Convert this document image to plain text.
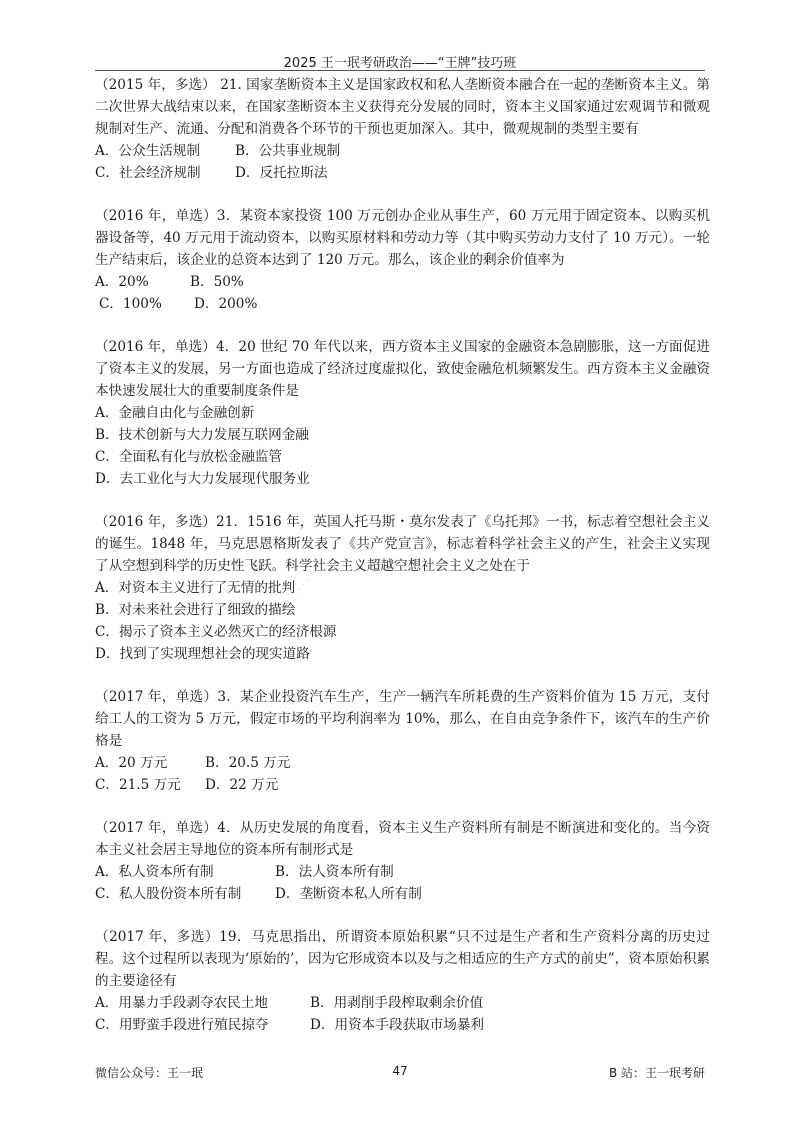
2025 王一珉考研政治——“王牌”技巧班
· · · · · · · · · ·

（2015 年，多选） 21. 国家垄断资本主义是国家政权和私人垄断资本融合在一起的垄断资本主义。第二次世界大战结束以来，在国家垄断资本主义获得充分发展的同时，资本主义国家通过宏观调节和微观规制对生产、流通、分配和消费各个环节的干预也更加深入。其中，微观规制的类型主要有

A．公众生活规制	B．公共事业规制
C．社会经济规制	D．反托拉斯法

（2016 年，单选）3．某资本家投资 100 万元创办企业从事生产，60 万元用于固定资本、以购买机器设备等，40 万元用于流动资本，以购买原材料和劳动力等（其中购买劳动力支付了 10 万元）。一轮生产结束后，该企业的总资本达到了 120 万元。那么，该企业的剩余价值率为

A．20%	B．50%
C．100%	D．200%

（2016 年，单选）4．20 世纪 70 年代以来，西方资本主义国家的金融资本急剧膨胀，这一方面促进了资本主义的发展，另一方面也造成了经济过度虚拟化，致使金融危机频繁发生。西方资本主义金融资本快速发展壮大的重要制度条件是

A．金融自由化与金融创新
B．技术创新与大力发展互联网金融
C．全面私有化与放松金融监管
D．去工业化与大力发展现代服务业

（2016 年，多选）21．1516 年，英国人托马斯・莫尔发表了《乌托邦》一书，标志着空想社会主义的诞生。1848 年，马克思恩格斯发表了《共产党宣言》，标志着科学社会主义的产生，社会主义实现了从空想到科学的历史性飞跃。科学社会主义超越空想社会主义之处在于

A．对资本主义进行了无情的批判
B．对未来社会进行了细致的描绘
C．揭示了资本主义必然灭亡的经济根源
D．找到了实现理想社会的现实道路

（2017 年，单选）3．某企业投资汽车生产，生产一辆汽车所耗费的生产资料价值为 15 万元，支付给工人的工资为 5 万元，假定市场的平均利润率为 10%，那么，在自由竞争条件下，该汽车的生产价格是

A．20 万元	B．20.5 万元
C．21.5 万元	D．22 万元

（2017 年，单选）4．从历史发展的角度看，资本主义生产资料所有制是不断演进和变化的。当今资本主义社会居主导地位的资本所有制形式是

A．私人资本所有制	B．法人资本所有制
C．私人股份资本所有制	D．垄断资本私人所有制

（2017 年，多选）19．马克思指出，所谓资本原始积累“只不过是生产者和生产资料分离的历史过程。这个过程所以表现为‘原始的’，因为它形成资本以及与之相适应的生产方式的前史”，资本原始积累的主要途径有

A．用暴力手段剥夺农民土地	B．用剥削手段榨取剩余价值
C．用野蛮手段进行殖民掠夺	D．用资本手段获取市场暴利
微信公众号：王一珉	47	B 站：王一珉考研
